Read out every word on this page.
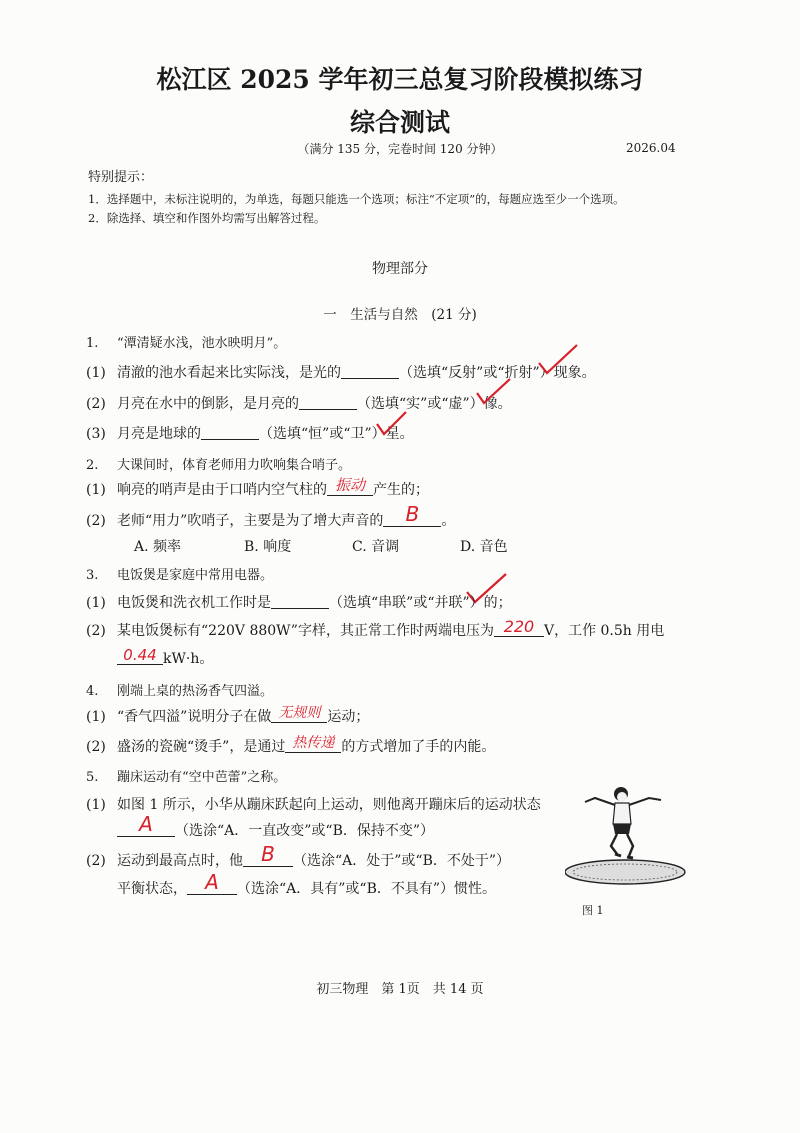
松江区 2025 学年初三总复习阶段模拟练习
综合测试
（满分 135 分，完卷时间 120 分钟）	2026.04
特别提示：
1．选择题中，未标注说明的，为单选，每题只能选一个选项；标注“不定项”的，每题应选至少一个选项。
2．除选择、填空和作图外均需写出解答过程。
物理部分
一　生活与自然　(21 分)
1. “潭清疑水浅，池水映明月”。
(1) 清澈的池水看起来比实际浅，是光的	（选填“反射”或“折射”）现象。
(2) 月亮在水中的倒影，是月亮的	（选填“实”或“虚”）像。
(3) 月亮是地球的	（选填“恒”或“卫”）星。
2. 大课间时，体育老师用力吹响集合哨子。
(1) 响亮的哨声是由于口哨内空气柱的 振动 产生的；
(2) 老师“用力”吹哨子，主要是为了增大声音的	B	。
A. 频率	B. 响度	C. 音调	D. 音色
3. 电饭煲是家庭中常用电器。
(1) 电饭煲和洗衣机工作时是	（选填“串联”或“并联”）的；
(2) 某电饭煲标有“220V 880W”字样，其正常工作时两端电压为 220 V，工作 0.5h 用电
0.44 kW·h。
4. 刚端上桌的热汤香气四溢。
(1) “香气四溢”说明分子在做 无规则 运动；
(2) 盛汤的瓷碗“烫手”，是通过 热传递 的方式增加了手的内能。
5. 蹦床运动有“空中芭蕾”之称。
(1) 如图 1 所示，小华从蹦床跃起向上运动，则他离开蹦床后的运动状态
A	（选涂“A．一直改变”或“B．保持不变”）
(2) 运动到最高点时，他 B	（选涂“A．处于”或“B．不处于”）
平衡状态， A	（选涂“A．具有”或“B．不具有”）惯性。
图 1
初三物理　第 1页　共 14 页
